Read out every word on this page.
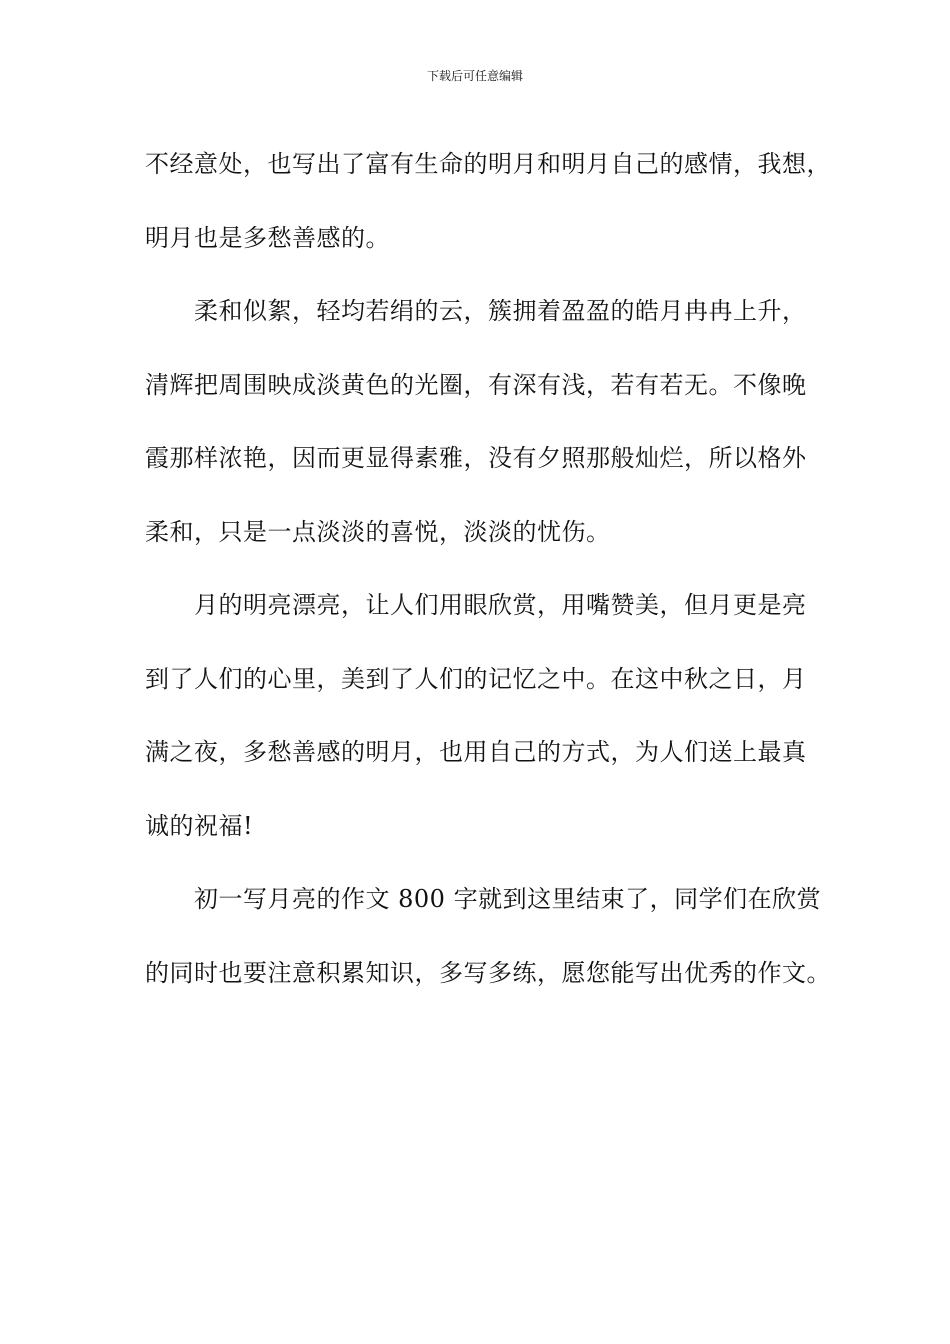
下载后可任意编辑
不经意处，也写出了富有生命的明月和明月自己的感情，我想，
明月也是多愁善感的。
柔和似絮，轻均若绢的云，簇拥着盈盈的皓月冉冉上升，
清辉把周围映成淡黄色的光圈，有深有浅，若有若无。不像晚
霞那样浓艳，因而更显得素雅，没有夕照那般灿烂，所以格外
柔和，只是一点淡淡的喜悦，淡淡的忧伤。
月的明亮漂亮，让人们用眼欣赏，用嘴赞美，但月更是亮
到了人们的心里，美到了人们的记忆之中。在这中秋之日，月
满之夜，多愁善感的明月，也用自己的方式，为人们送上最真
诚的祝福!
初一写月亮的作文 800 字就到这里结束了，同学们在欣赏
的同时也要注意积累知识，多写多练，愿您能写出优秀的作文。
